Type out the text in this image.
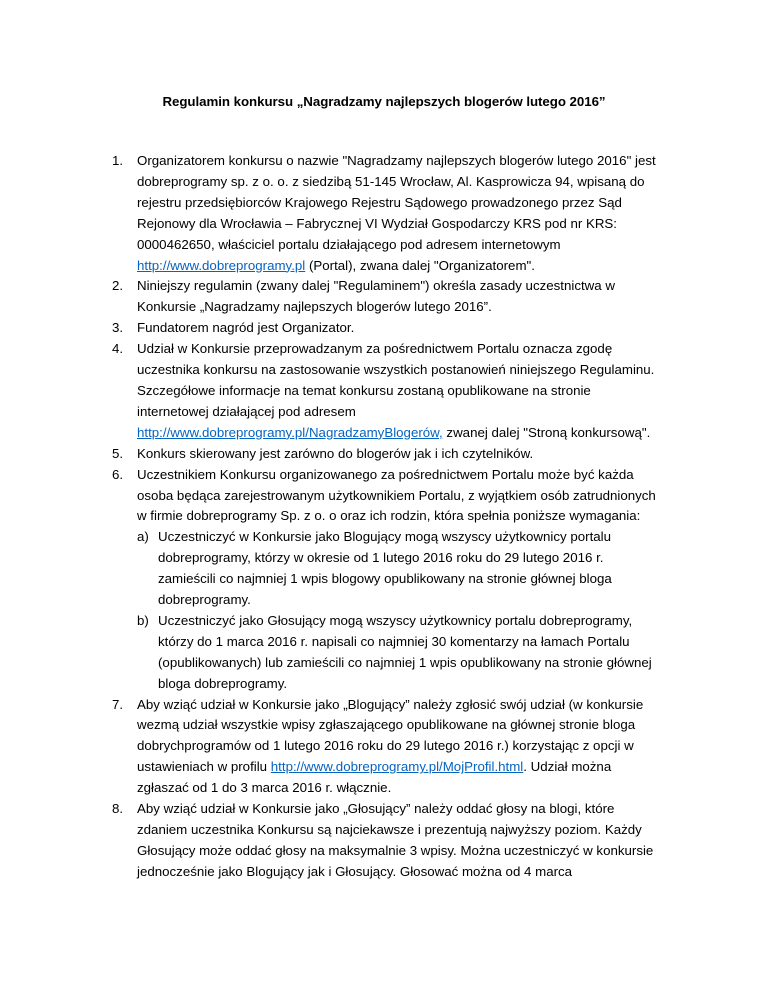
Regulamin konkursu „Nagradzamy najlepszych blogerów lutego 2016”
1. Organizatorem konkursu o nazwie "Nagradzamy najlepszych blogerów lutego 2016" jest dobreprogramy sp. z o. o. z siedzibą 51-145 Wrocław, Al. Kasprowicza 94, wpisaną do rejestru przedsiębiorców Krajowego Rejestru Sądowego prowadzonego przez Sąd Rejonowy dla Wrocławia – Fabrycznej VI Wydział Gospodarczy KRS pod nr KRS: 0000462650, właściciel portalu działającego pod adresem internetowym http://www.dobreprogramy.pl (Portal), zwana dalej "Organizatorem".
2. Niniejszy regulamin (zwany dalej "Regulaminem") określa zasady uczestnictwa w Konkursie „Nagradzamy najlepszych blogerów lutego 2016”.
3. Fundatorem nagród jest Organizator.
4. Udział w Konkursie przeprowadzanym za pośrednictwem Portalu oznacza zgodę uczestnika konkursu na zastosowanie wszystkich postanowień niniejszego Regulaminu. Szczegółowe informacje na temat konkursu zostaną opublikowane na stronie internetowej działającej pod adresem http://www.dobreprogramy.pl/NagradzamyBlogerów, zwanej dalej "Stroną konkursową".
5. Konkurs skierowany jest zarówno do blogerów jak i ich czytelników.
6. Uczestnikiem Konkursu organizowanego za pośrednictwem Portalu może być każda osoba będąca zarejestrowanym użytkownikiem Portalu, z wyjątkiem osób zatrudnionych w firmie dobreprogramy Sp. z o. o oraz ich rodzin, która spełnia poniższe wymagania:
a) Uczestniczyć w Konkursie jako Blogujący mogą wszyscy użytkownicy portalu dobreprogramy, którzy w okresie od 1 lutego 2016 roku do 29 lutego 2016 r. zamieścili co najmniej 1 wpis blogowy opublikowany na stronie głównej bloga dobreprogramy.
b) Uczestniczyć jako Głosujący mogą wszyscy użytkownicy portalu dobreprogramy, którzy do 1 marca 2016 r. napisali co najmniej 30 komentarzy na łamach Portalu (opublikowanych) lub zamieścili co najmniej 1 wpis opublikowany na stronie głównej bloga dobreprogramy.
7. Aby wziąć udział w Konkursie jako „Blogujący” należy zgłosić swój udział (w konkursie wezmą udział wszystkie wpisy zgłaszającego opublikowane na głównej stronie bloga dobrychprogramów od 1 lutego 2016 roku do 29 lutego 2016 r.) korzystając z opcji w ustawieniach w profilu http://www.dobreprogramy.pl/MojProfil.html. Udział można zgłaszać od 1 do 3 marca 2016 r. włącznie.
8. Aby wziąć udział w Konkursie jako „Głosujący” należy oddać głosy na blogi, które zdaniem uczestnika Konkursu są najciekawsze i prezentują najwyższy poziom. Każdy Głosujący może oddać głosy na maksymalnie 3 wpisy. Można uczestniczyć w konkursie jednocześnie jako Blogujący jak i Głosujący. Głosować można od 4 marca
